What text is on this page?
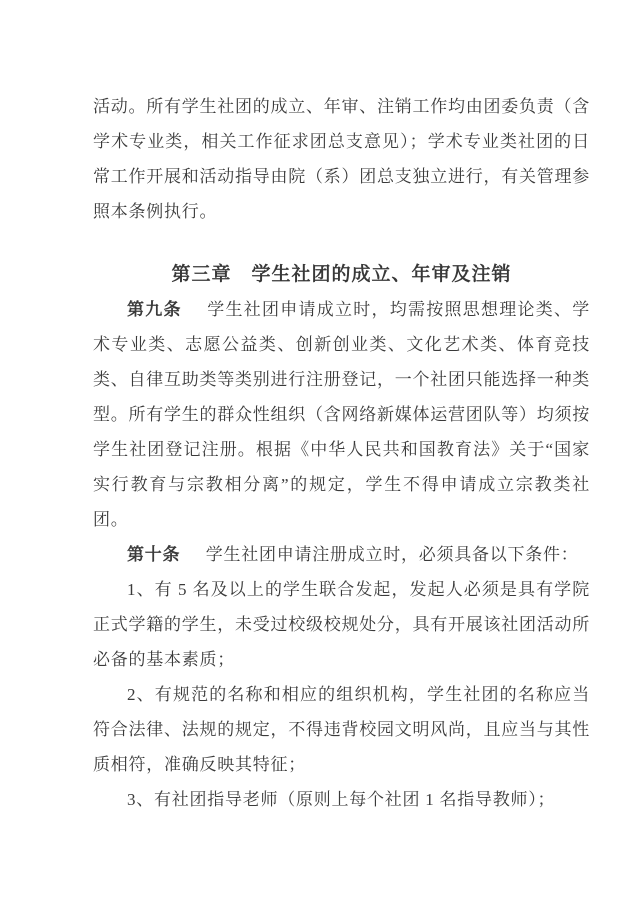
活动。所有学生社团的成立、年审、注销工作均由团委负责（含学术专业类，相关工作征求团总支意见）；学术专业类社团的日常工作开展和活动指导由院（系）团总支独立进行，有关管理参照本条例执行。

第三章　学生社团的成立、年审及注销

第九条 学生社团申请成立时，均需按照思想理论类、学术专业类、志愿公益类、创新创业类、文化艺术类、体育竞技类、自律互助类等类别进行注册登记，一个社团只能选择一种类型。所有学生的群众性组织（含网络新媒体运营团队等）均须按学生社团登记注册。根据《中华人民共和国教育法》关于“国家实行教育与宗教相分离”的规定，学生不得申请成立宗教类社团。

第十条 学生社团申请注册成立时，必须具备以下条件：

1、有 5 名及以上的学生联合发起，发起人必须是具有学院正式学籍的学生，未受过校级校规处分，具有开展该社团活动所必备的基本素质；

2、有规范的名称和相应的组织机构，学生社团的名称应当符合法律、法规的规定，不得违背校园文明风尚，且应当与其性质相符，准确反映其特征；

3、有社团指导老师（原则上每个社团 1 名指导教师）；
